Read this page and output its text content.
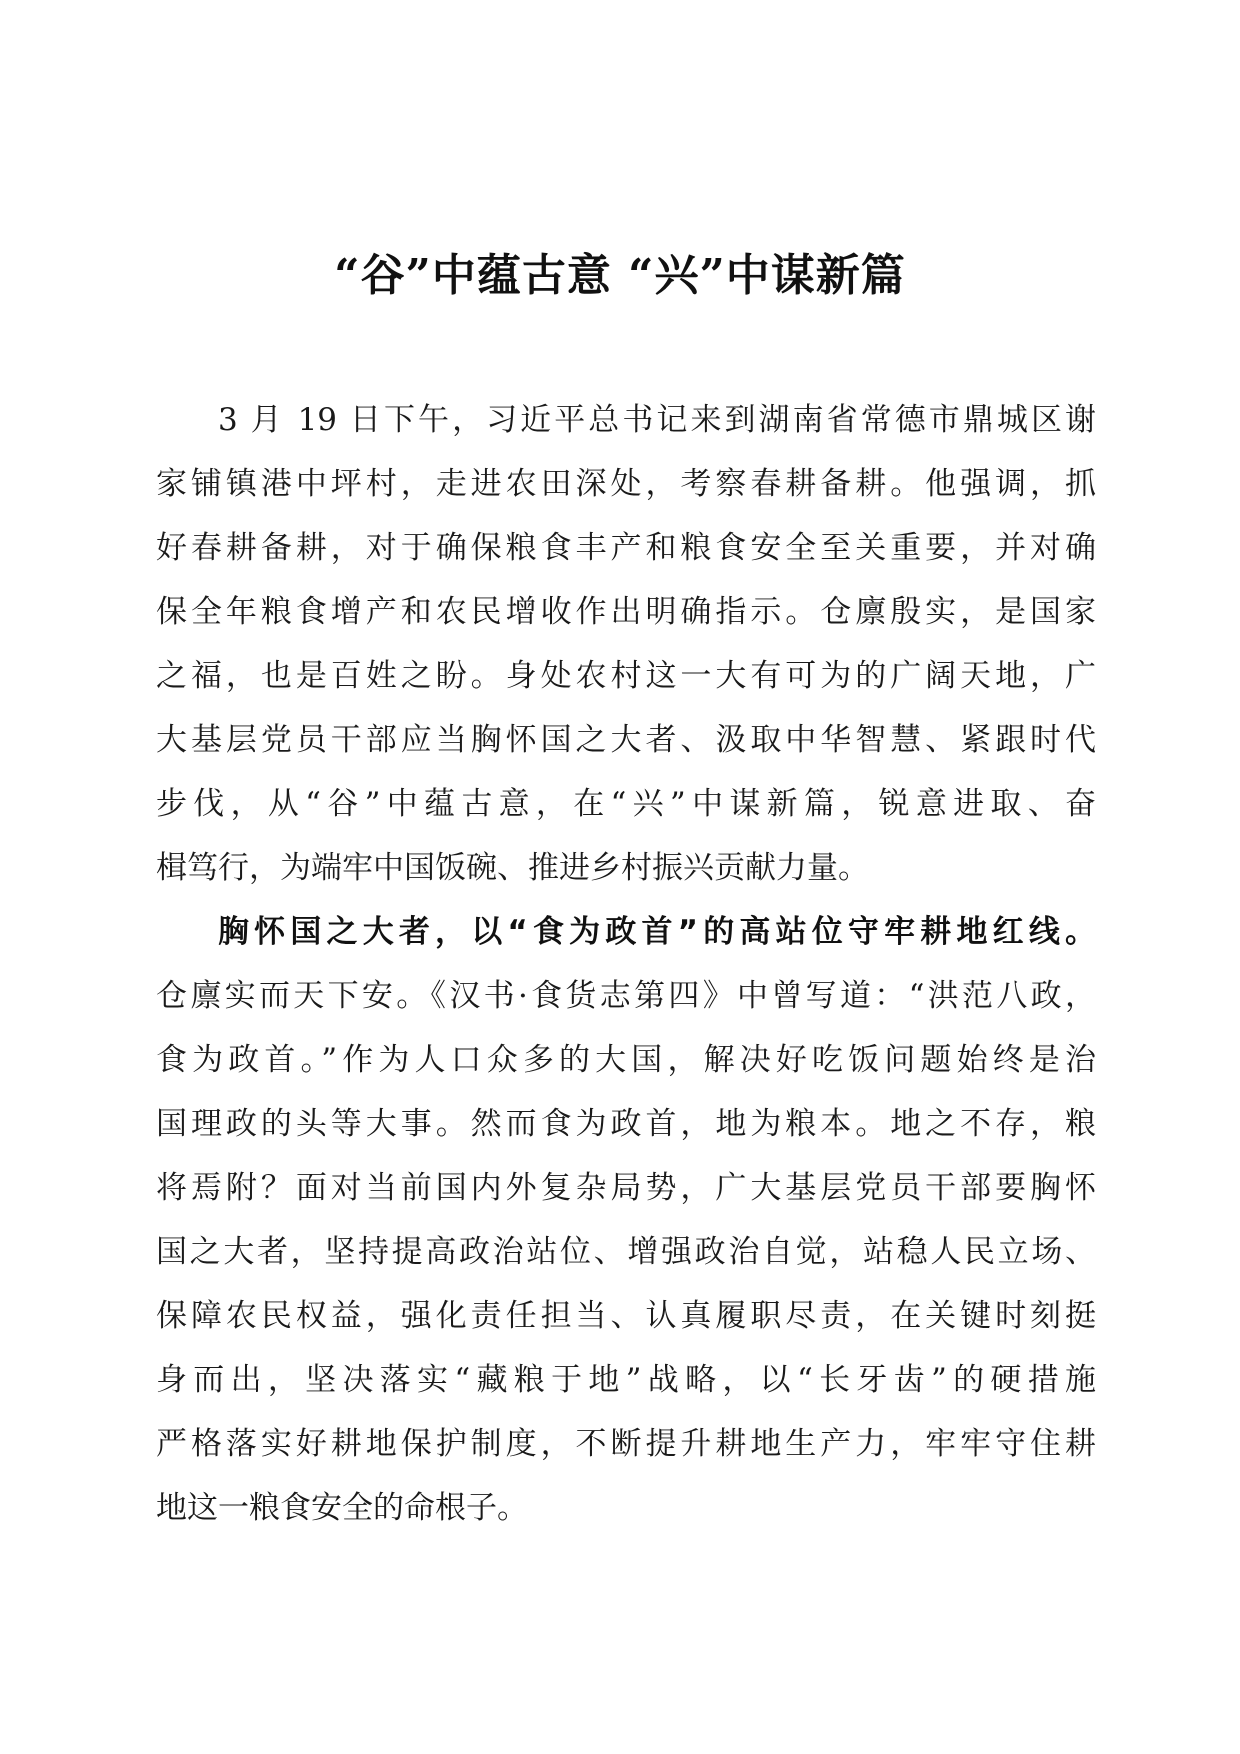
“谷”中蕴古意 “兴”中谋新篇

3 月 19 日下午，习近平总书记来到湖南省常德市鼎城区谢

家铺镇港中坪村，走进农田深处，考察春耕备耕。他强调，抓

好春耕备耕，对于确保粮食丰产和粮食安全至关重要，并对确

保全年粮食增产和农民增收作出明确指示。仓廪殷实，是国家

之福，也是百姓之盼。身处农村这一大有可为的广阔天地，广

大基层党员干部应当胸怀国之大者、汲取中华智慧、紧跟时代

步伐，从“谷”中蕴古意，在“兴”中谋新篇，锐意进取、奋

楫笃行，为端牢中国饭碗、推进乡村振兴贡献力量。

胸怀国之大者，以“食为政首”的高站位守牢耕地红线。

仓廪实而天下安。《汉书·食货志第四》中曾写道：“洪范八政，

食为政首。”作为人口众多的大国，解决好吃饭问题始终是治

国理政的头等大事。然而食为政首，地为粮本。地之不存，粮

将焉附？面对当前国内外复杂局势，广大基层党员干部要胸怀

国之大者，坚持提高政治站位、增强政治自觉，站稳人民立场、

保障农民权益，强化责任担当、认真履职尽责，在关键时刻挺

身而出，坚决落实“藏粮于地”战略，以“长牙齿”的硬措施

严格落实好耕地保护制度，不断提升耕地生产力，牢牢守住耕

地这一粮食安全的命根子。
